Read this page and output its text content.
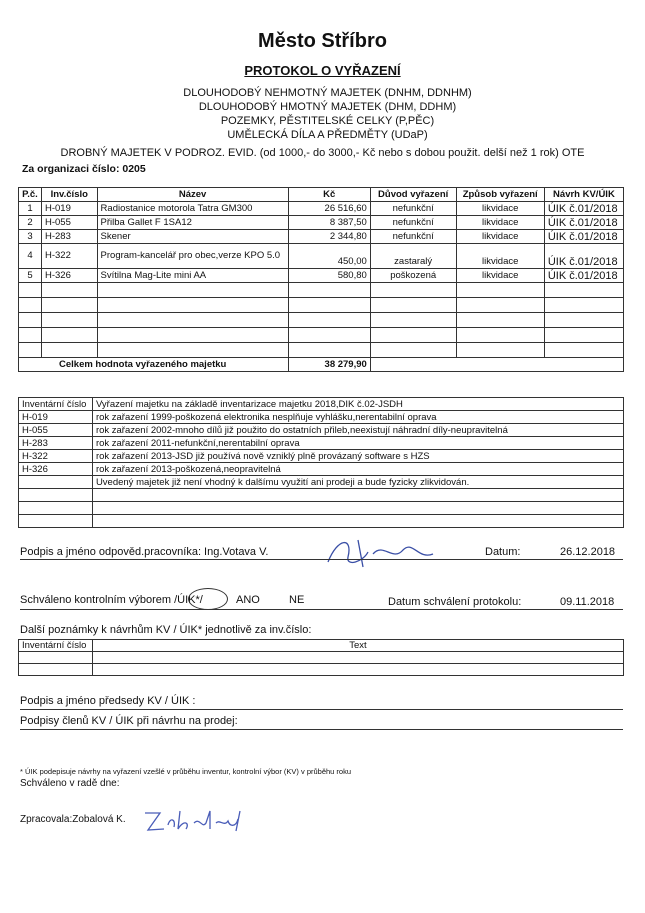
Město Stříbro
PROTOKOL O VYŘAZENÍ
DLOUHODOBÝ NEHMOTNÝ MAJETEK (DNHM, DDNHM)
DLOUHODOBÝ HMOTNÝ MAJETEK (DHM, DDHM)
POZEMKY, PĚSTITELSKÉ CELKY (P,PĚC)
UMĚLECKÁ DÍLA A PŘEDMĚTY (UDaP)
DROBNÝ MAJETEK V PODROZ. EVID. (od 1000,- do 3000,- Kč nebo s dobou použit. delší než 1 rok) OTE
Za organizaci číslo: 0205
P.č.	Inv.číslo	Název	Kč	Důvod vyřazení	Způsob vyřazení	Návrh KV/ÚIK
1	H-019	Radiostanice motorola Tatra GM300	26 516,60	nefunkční	likvidace	ÚIK č.01/2018
2	H-055	Přilba Gallet F 1SA12	8 387,50	nefunkční	likvidace	ÚIK č.01/2018
3	H-283	Skener	2 344,80	nefunkční	likvidace	ÚIK č.01/2018
4	H-322	Program-kancelář pro obec,verze KPO 5.0	450,00	zastaralý	likvidace	ÚIK č.01/2018
5	H-326	Svítilna Mag-Lite mini AA	580,80	poškozená	likvidace	ÚIK č.01/2018

Celkem hodnota vyřazeného majetku			38 279,90			
Inventární číslo	Vyřazení majetku na základě inventarizace majetku 2018,DIK č.02-JSDH
H-019	rok zařazení 1999-poškozená elektronika nesplňuje vyhlášku,nerentabilní oprava
H-055	rok zařazení 2002-mnoho dílů již použito do ostatních přileb,neexistují náhradní díly-neupravitelná
H-283	rok zařazení 2011-nefunkční,nerentabilní oprava
H-322	rok zařazení 2013-JSD již používá nově vzniklý plně provázaný software s HZS
H-326	rok zařazení 2013-poškozená,neopravitelná
	Uvedený majetek již není vhodný k dalšímu využití ani prodeji a bude fyzicky zlikvidován.

Podpis a jméno odpověd.pracovníka: Ing.Votava V.	Datum:	26.12.2018
Schváleno kontrolním výborem /ÚIK*/	ANO	NE	Datum schválení protokolu:	09.11.2018
Další poznámky k návrhům KV / ÚIK* jednotlivě za inv.číslo:
Inventární číslo	Text

Podpis a jméno předsedy KV / ÚIK :
Podpisy členů KV / ÚIK při návrhu na prodej:
* ÚIK podepisuje návrhy na vyřazení vzešlé v průběhu inventur, kontrolní výbor (KV) v průběhu roku
Schváleno v radě dne:
Zpracovala:Zobalová K.
